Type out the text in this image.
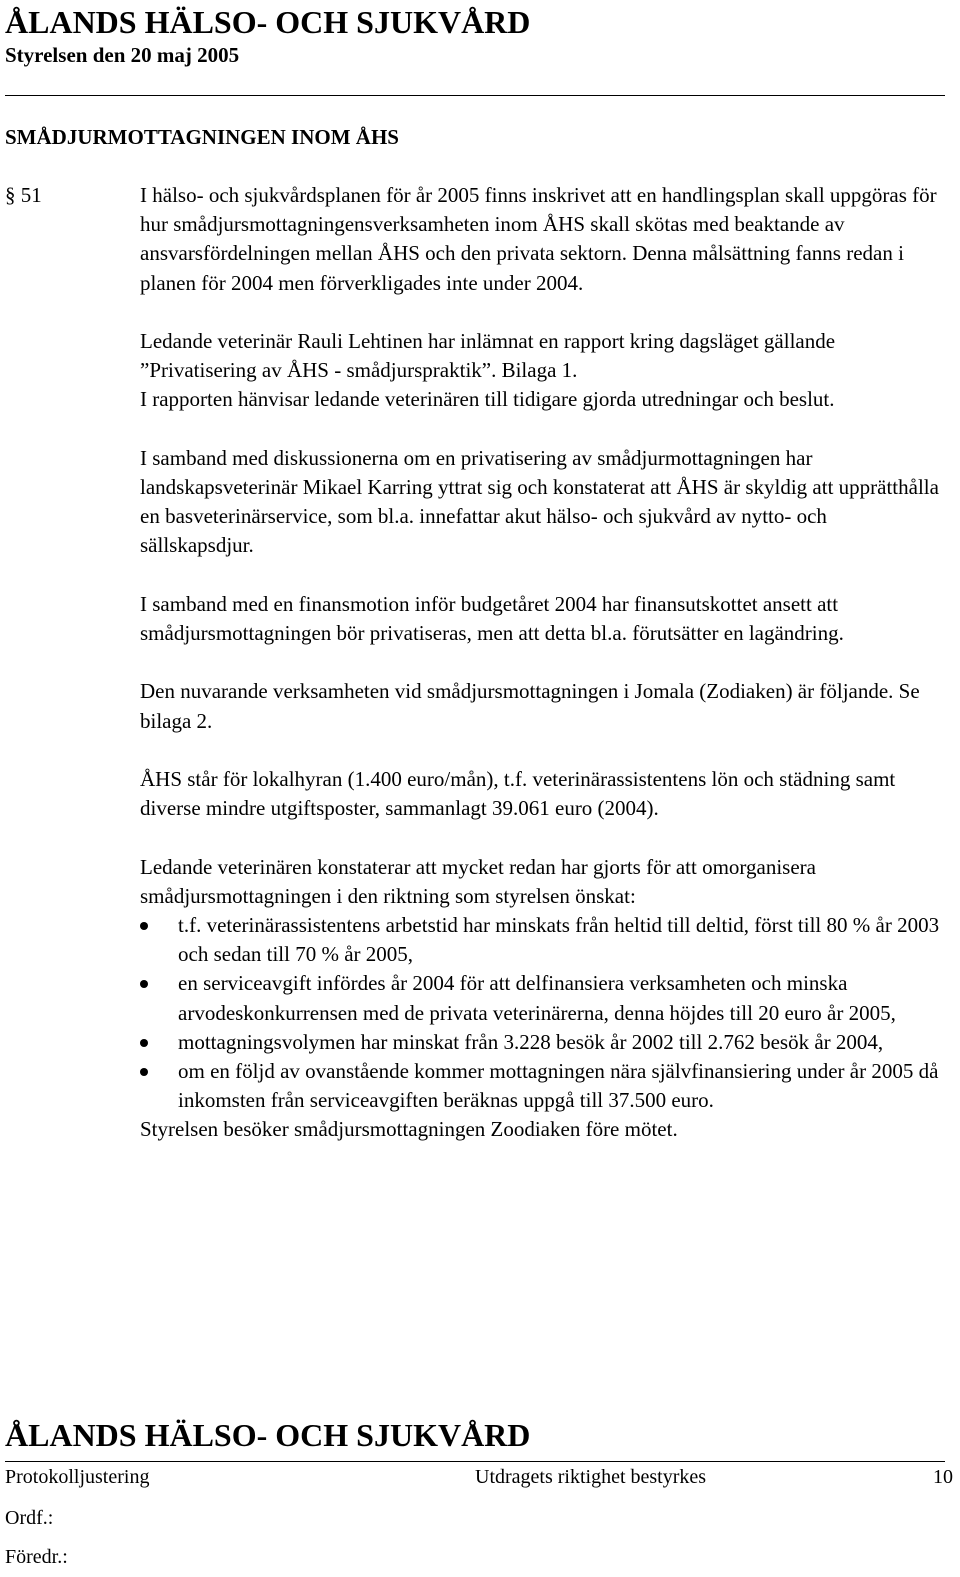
ÅLANDS HÄLSO- OCH SJUKVÅRD
Styrelsen den 20 maj 2005
SMÅDJURMOTTAGNINGEN INOM ÅHS
§ 51	I hälso- och sjukvårdsplanen för år 2005 finns inskrivet att en handlingsplan skall uppgöras för hur smådjursmottagningensverksamheten inom ÅHS skall skötas med beaktande av ansvarsfördelningen mellan ÅHS och den privata sektorn. Denna målsättning fanns redan i planen för 2004 men förverkligades inte under 2004.

Ledande veterinär Rauli Lehtinen har inlämnat en rapport kring dagsläget gällande ”Privatisering av ÅHS - smådjurspraktik”. Bilaga 1.

I rapporten hänvisar ledande veterinären till tidigare gjorda utredningar och beslut.

I samband med diskussionerna om en privatisering av smådjurmottagningen har landskapsveterinär Mikael Karring yttrat sig och konstaterat att ÅHS är skyldig att upprätthålla en basveterinärservice, som bl.a. innefattar akut hälso- och sjukvård av nytto- och sällskapsdjur.

I samband med en finansmotion inför budgetåret 2004 har finansutskottet ansett att smådjursmottagningen bör privatiseras, men att detta bl.a. förutsätter en lagändring.

Den nuvarande verksamheten vid smådjursmottagningen i Jomala (Zodiaken) är följande. Se bilaga 2.

ÅHS står för lokalhyran (1.400 euro/mån), t.f. veterinärassistentens lön och städning samt diverse mindre utgiftsposter, sammanlagt 39.061 euro (2004).

Ledande veterinären konstaterar att mycket redan har gjorts för att omorganisera smådjursmottagningen i den riktning som styrelsen önskat:

t.f. veterinärassistentens arbetstid har minskats från heltid till deltid, först till 80 % år 2003 och sedan till 70 % år 2005,
en serviceavgift infördes år 2004 för att delfinansiera verksamheten och minska arvodeskonkurrensen med de privata veterinärerna, denna höjdes till 20 euro år 2005,
mottagningsvolymen har minskat från 3.228 besök år 2002 till 2.762 besök år 2004,
om en följd av ovanstående kommer mottagningen nära självfinansiering under år 2005 då inkomsten från serviceavgiften beräknas uppgå till 37.500 euro.

Styrelsen besöker smådjursmottagningen Zoodiaken före mötet.

ÅLANDS HÄLSO- OCH SJUKVÅRD
Protokolljustering	Utdragets riktighet bestyrkes	10
Ordf.:
Föredr.:
